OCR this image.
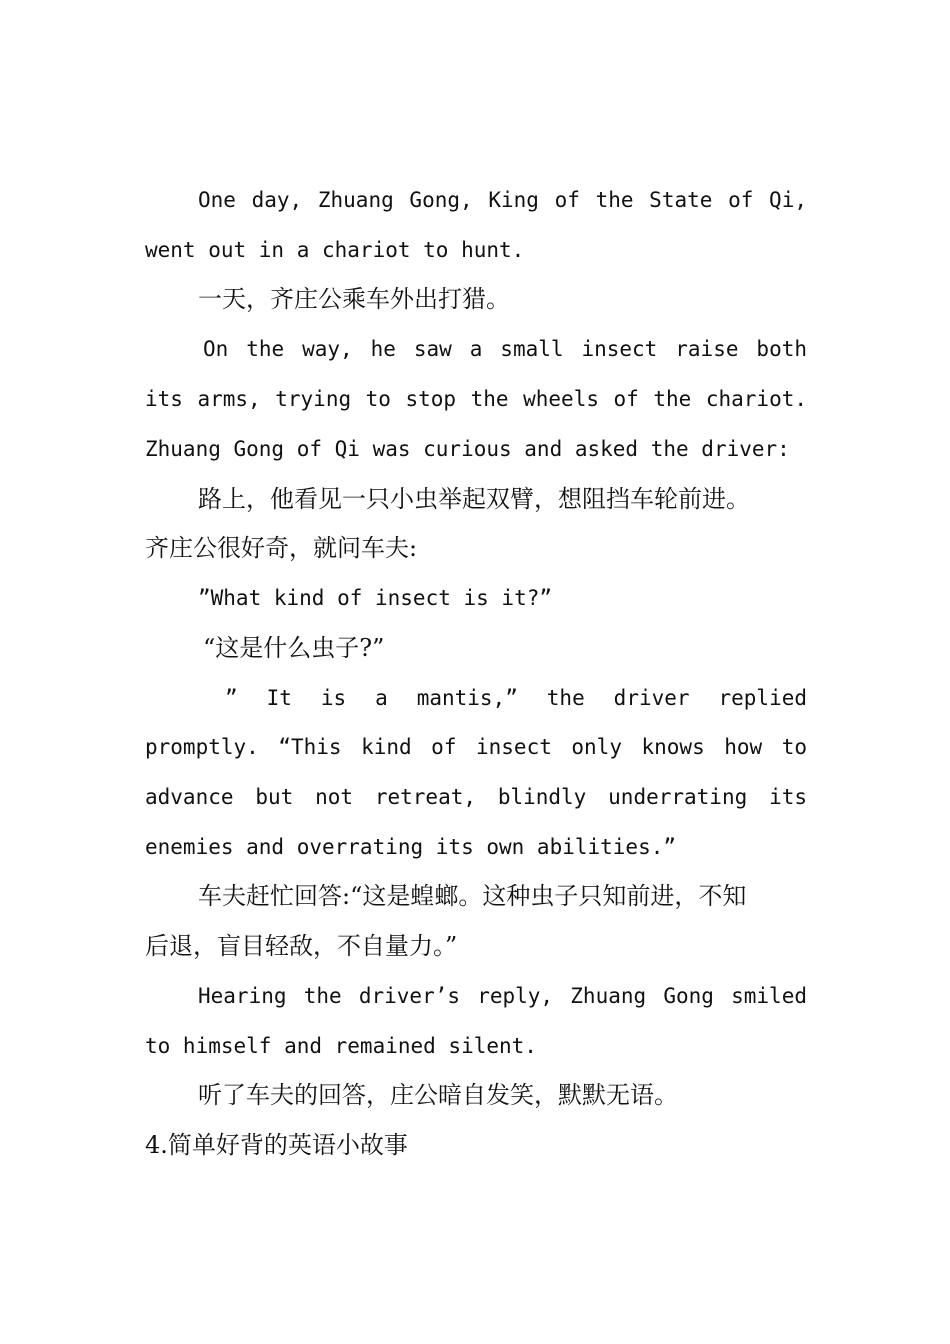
One day, Zhuang Gong, King of the State of Qi,
went out in a chariot to hunt.
一天，齐庄公乘车外出打猎。
On the way, he saw a small insect raise both
its arms, trying to stop the wheels of the chariot.
Zhuang Gong of Qi was curious and asked the driver:
路上，他看见一只小虫举起双臂，想阻挡车轮前进。
齐庄公很好奇，就问车夫:
”What kind of insect is it?”
“这是什么虫子?”
” It is a mantis,” the driver replied
promptly. “This kind of insect only knows how to
advance but not retreat, blindly underrating its
enemies and overrating its own abilities.”
车夫赶忙回答:“这是蝗螂。这种虫子只知前进，不知
后退，盲目轻敌，不自量力。”
Hearing the driver’s reply, Zhuang Gong smiled
to himself and remained silent.
听了车夫的回答，庄公暗自发笑，默默无语。
4.简单好背的英语小故事
